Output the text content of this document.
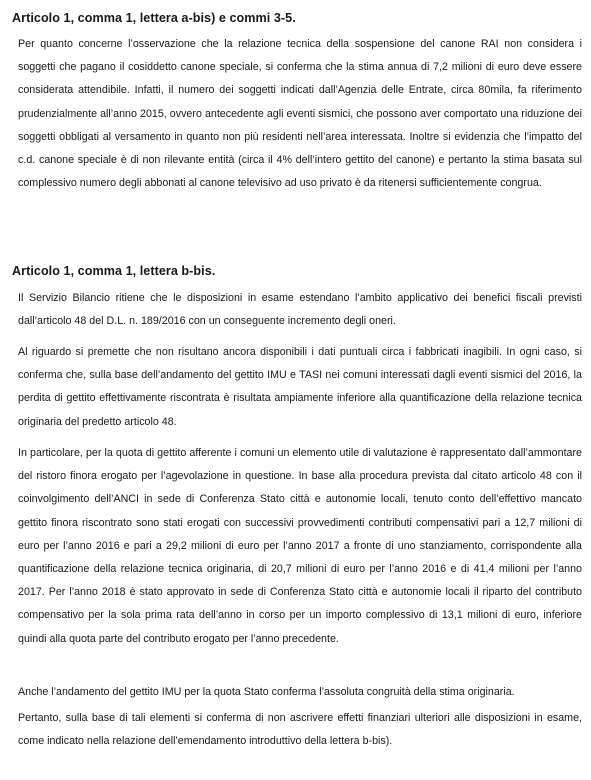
Articolo 1, comma 1, lettera a-bis) e commi 3-5.

Per quanto concerne l’osservazione che la relazione tecnica della sospensione del canone RAI non considera i soggetti che pagano il cosiddetto canone speciale, si conferma che la stima annua di 7,2 milioni di euro deve essere considerata attendibile. Infatti, il numero dei soggetti indicati dall’Agenzia delle Entrate, circa 80mila, fa riferimento prudenzialmente all’anno 2015, ovvero antecedente agli eventi sismici, che possono aver comportato una riduzione dei soggetti obbligati al versamento in quanto non più residenti nell’area interessata. Inoltre si evidenzia che l’impatto del c.d. canone speciale è di non rilevante entità (circa il 4% dell’intero gettito del canone) e pertanto la stima basata sul complessivo numero degli abbonati al canone televisivo ad uso privato è da ritenersi sufficientemente congrua.

Articolo 1, comma 1, lettera b-bis.

Il Servizio Bilancio ritiene che le disposizioni in esame estendano l’ambito applicativo dei benefici fiscali previsti dall’articolo 48 del D.L. n. 189/2016 con un conseguente incremento degli oneri.

Al riguardo si premette che non risultano ancora disponibili i dati puntuali circa i fabbricati inagibili. In ogni caso, si conferma che, sulla base dell’andamento del gettito IMU e TASI nei comuni interessati dagli eventi sismici del 2016, la perdita di gettito effettivamente riscontrata è risultata ampiamente inferiore alla quantificazione della relazione tecnica originaria del predetto articolo 48.

In particolare, per la quota di gettito afferente i comuni un elemento utile di valutazione è rappresentato dall’ammontare del ristoro finora erogato per l’agevolazione in questione. In base alla procedura prevista dal citato articolo 48 con il coinvolgimento dell’ANCI in sede di Conferenza Stato città e autonomie locali, tenuto conto dell’effettivo mancato gettito finora riscontrato sono stati erogati con successivi provvedimenti contributi compensativi pari a 12,7 milioni di euro per l’anno 2016 e pari a 29,2 milioni di euro per l’anno 2017 a fronte di uno stanziamento, corrispondente alla quantificazione della relazione tecnica originaria, di 20,7 milioni di euro per l’anno 2016 e di 41,4 milioni per l’anno 2017. Per l’anno 2018 è stato approvato in sede di Conferenza Stato città e autonomie locali il riparto del contributo compensativo per la sola prima rata dell’anno in corso per un importo complessivo di 13,1 milioni di euro, inferiore quindi alla quota parte del contributo erogato per l’anno precedente.

Anche l’andamento del gettito IMU per la quota Stato conferma l’assoluta congruità della stima originaria.

Pertanto, sulla base di tali elementi si conferma di non ascrivere effetti finanziari ulteriori alle disposizioni in esame, come indicato nella relazione dell’emendamento introduttivo della lettera b-bis).
